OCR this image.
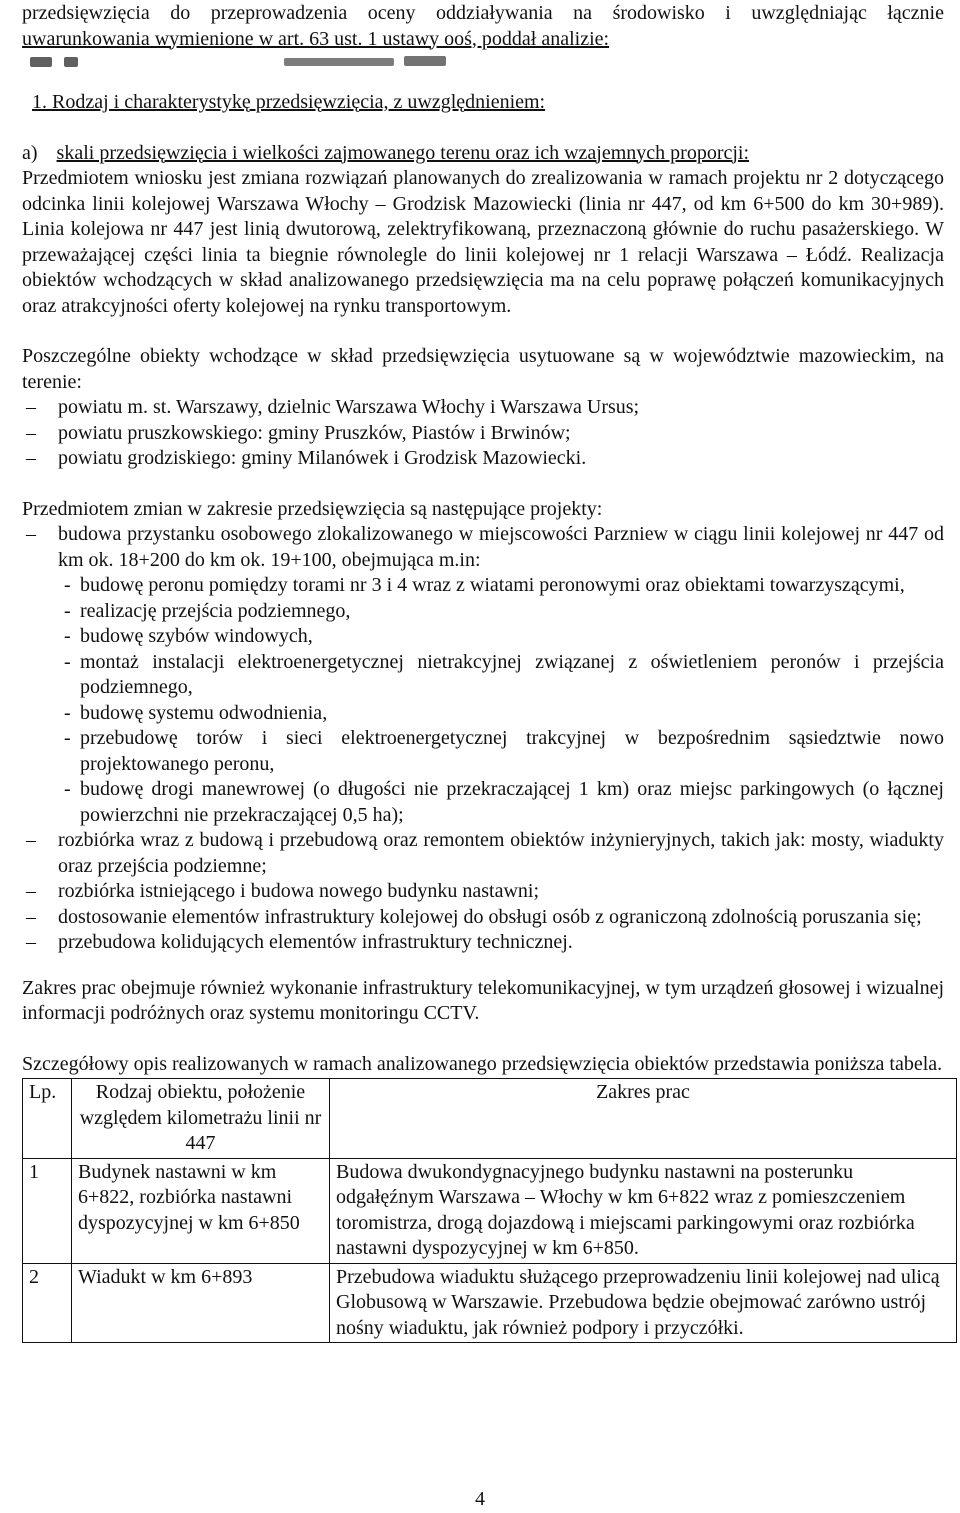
przedsięwzięcia do przeprowadzenia oceny oddziaływania na środowisko i uwzględniając łącznie

uwarunkowania wymienione w art. 63 ust. 1 ustawy ooś, poddał analizie:

1. Rodzaj i charakterystykę przedsięwzięcia, z uwzględnieniem:

a) skali przedsięwzięcia i wielkości zajmowanego terenu oraz ich wzajemnych proporcji:

Przedmiotem wniosku jest zmiana rozwiązań planowanych do zrealizowania w ramach projektu nr 2 dotyczącego odcinka linii kolejowej Warszawa Włochy – Grodzisk Mazowiecki (linia nr 447, od km 6+500 do km 30+989). Linia kolejowa nr 447 jest linią dwutorową, zelektryfikowaną, przeznaczoną głównie do ruchu pasażerskiego. W przeważającej części linia ta biegnie równolegle do linii kolejowej nr 1 relacji Warszawa – Łódź. Realizacja obiektów wchodzących w skład analizowanego przedsięwzięcia ma na celu poprawę połączeń komunikacyjnych oraz atrakcyjności oferty kolejowej na rynku transportowym.

Poszczególne obiekty wchodzące w skład przedsięwzięcia usytuowane są w województwie mazowieckim, na terenie:

– powiatu m. st. Warszawy, dzielnic Warszawa Włochy i Warszawa Ursus;
– powiatu pruszkowskiego: gminy Pruszków, Piastów i Brwinów;
– powiatu grodziskiego: gminy Milanówek i Grodzisk Mazowiecki.

Przedmiotem zmian w zakresie przedsięwzięcia są następujące projekty:

– budowa przystanku osobowego zlokalizowanego w miejscowości Parzniew w ciągu linii kolejowej nr 447 od km ok. 18+200 do km ok. 19+100, obejmująca m.in:
- budowę peronu pomiędzy torami nr 3 i 4 wraz z wiatami peronowymi oraz obiektami towarzyszącymi,
- realizację przejścia podziemnego,
- budowę szybów windowych,
- montaż instalacji elektroenergetycznej nietrakcyjnej związanej z oświetleniem peronów i przejścia podziemnego,
- budowę systemu odwodnienia,
- przebudowę torów i sieci elektroenergetycznej trakcyjnej w bezpośrednim sąsiedztwie nowo projektowanego peronu,
- budowę drogi manewrowej (o długości nie przekraczającej 1 km) oraz miejsc parkingowych (o łącznej powierzchni nie przekraczającej 0,5 ha);
– rozbiórka wraz z budową i przebudową oraz remontem obiektów inżynieryjnych, takich jak: mosty, wiadukty oraz przejścia podziemne;
– rozbiórka istniejącego i budowa nowego budynku nastawni;
– dostosowanie elementów infrastruktury kolejowej do obsługi osób z ograniczoną zdolnością poruszania się;
– przebudowa kolidujących elementów infrastruktury technicznej.

Zakres prac obejmuje również wykonanie infrastruktury telekomunikacyjnej, w tym urządzeń głosowej i wizualnej informacji podróżnych oraz systemu monitoringu CCTV.

Szczegółowy opis realizowanych w ramach analizowanego przedsięwzięcia obiektów przedstawia poniższa tabela.

Lp.	Rodzaj obiektu, położenie względem kilometrażu linii nr 447	Zakres prac
1	Budynek nastawni w km 6+822, rozbiórka nastawni dyspozycyjnej w km 6+850	Budowa dwukondygnacyjnego budynku nastawni na posterunku odgałęźnym Warszawa – Włochy w km 6+822 wraz z pomieszczeniem toromistrza, drogą dojazdową i miejscami parkingowymi oraz rozbiórka nastawni dyspozycyjnej w km 6+850.
2	Wiadukt w km 6+893	Przebudowa wiaduktu służącego przeprowadzeniu linii kolejowej nad ulicą Globusową w Warszawie. Przebudowa będzie obejmować zarówno ustrój nośny wiaduktu, jak również podpory i przyczółki.
4
